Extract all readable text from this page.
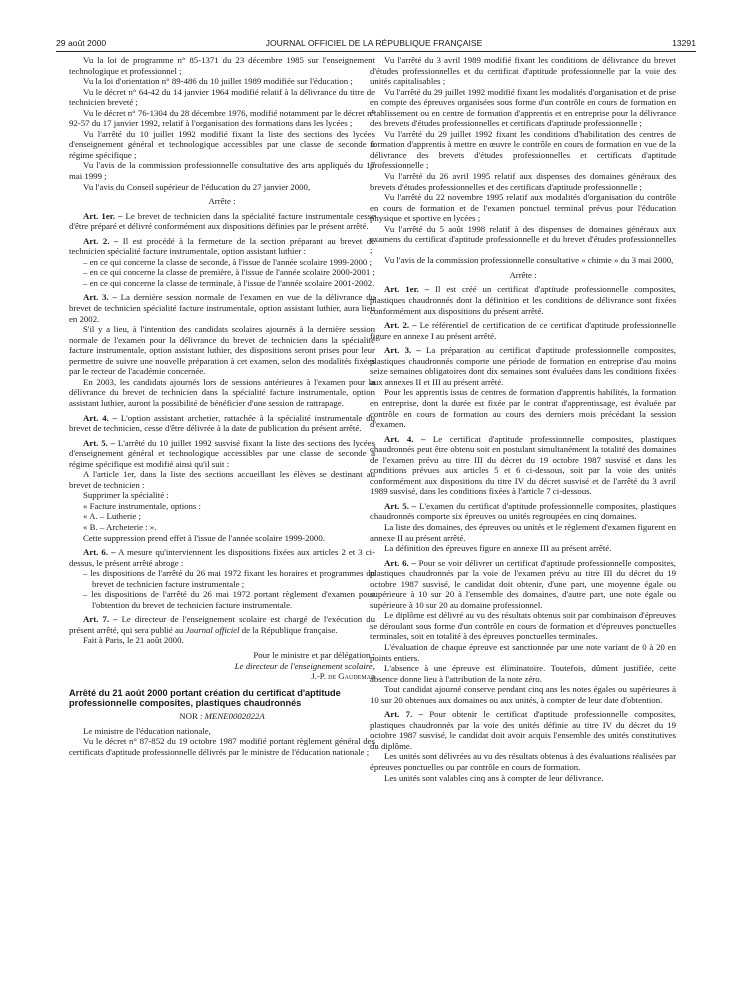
29 août 2000	JOURNAL OFFICIEL DE LA RÉPUBLIQUE FRANÇAISE	13291

Vu la loi de programme n° 85-1371 du 23 décembre 1985 sur l'enseignement technologique et professionnel ;

Vu la loi d'orientation n° 89-486 du 10 juillet 1989 modifiée sur l'éducation ;

Vu le décret n° 64-42 du 14 janvier 1964 modifié relatif à la délivrance du titre de technicien breveté ;

Vu le décret n° 76-1304 du 28 décembre 1976, modifié notamment par le décret n° 92-57 du 17 janvier 1992, relatif à l'organisation des formations dans les lycées ;

Vu l'arrêté du 10 juillet 1992 modifié fixant la liste des sections des lycées d'enseignement général et technologique accessibles par une classe de seconde à régime spécifique ;

Vu l'avis de la commission professionnelle consultative des arts appliqués du 17 mai 1999 ;

Vu l'avis du Conseil supérieur de l'éducation du 27 janvier 2000,

Arrête :

Art. 1er. – Le brevet de technicien dans la spécialité facture instrumentale cesse d'être préparé et délivré conformément aux dispositions définies par le présent arrêté.

Art. 2. – Il est procédé à la fermeture de la section préparant au brevet de technicien spécialité facture instrumentale, option assistant luthier :

– en ce qui concerne la classe de seconde, à l'issue de l'année scolaire 1999-2000 ;

– en ce qui concerne la classe de première, à l'issue de l'année scolaire 2000-2001 ;

– en ce qui concerne la classe de terminale, à l'issue de l'année scolaire 2001-2002.

Art. 3. – La dernière session normale de l'examen en vue de la délivrance du brevet de technicien spécialité facture instrumentale, option assistant luthier, aura lieu en 2002.

S'il y a lieu, à l'intention des candidats scolaires ajournés à la dernière session normale de l'examen pour la délivrance du brevet de technicien dans la spécialité facture instrumentale, option assistant luthier, des dispositions seront prises pour leur permettre de suivre une nouvelle préparation à cet examen, selon des modalités fixées par le recteur de l'académie concernée.

En 2003, les candidats ajournés lors de sessions antérieures à l'examen pour la délivrance du brevet de technicien dans la spécialité facture instrumentale, option assistant luthier, auront la possibilité de bénéficier d'une session de rattrapage.

Art. 4. – L'option assistant archetier, rattachée à la spécialité instrumentale du brevet de technicien, cesse d'être délivrée à la date de publication du présent arrêté.

Art. 5. – L'arrêté du 10 juillet 1992 susvisé fixant la liste des sections des lycées d'enseignement général et technologique accessibles par une classe de seconde à régime spécifique est modifié ainsi qu'il suit :

A l'article 1er, dans la liste des sections accueillant les élèves se destinant au brevet de technicien :

Supprimer la spécialité :

« Facture instrumentale, options :

« A. – Lutherie ;

« B. – Archeterie : ».

Cette suppression prend effet à l'issue de l'année scolaire 1999-2000.

Art. 6. – A mesure qu'interviennent les dispositions fixées aux articles 2 et 3 ci-dessus, le présent arrêté abroge :

– les dispositions de l'arrêté du 26 mai 1972 fixant les horaires et programmes du brevet de technicien facture instrumentale ;

– les dispositions de l'arrêté du 26 mai 1972 portant règlement d'examen pour l'obtention du brevet de technicien facture instrumentale.

Art. 7. – Le directeur de l'enseignement scolaire est chargé de l'exécution du présent arrêté, qui sera publié au Journal officiel de la République française.

Fait à Paris, le 21 août 2000.

Pour le ministre et par délégation :

Le directeur de l'enseignement scolaire,

J.-P. de Gaudemar

Arrêté du 21 août 2000 portant création du certificat d'aptitude professionnelle composites, plastiques chaudronnés

NOR : MENE0002022A

Le ministre de l'éducation nationale,

Vu le décret n° 87-852 du 19 octobre 1987 modifié portant règlement général des certificats d'aptitude professionnelle délivrés par le ministre de l'éducation nationale ;

Vu l'arrêté du 3 avril 1989 modifié fixant les conditions de délivrance du brevet d'études professionnelles et du certificat d'aptitude professionnelle par la voie des unités capitalisables ;

Vu l'arrêté du 29 juillet 1992 modifié fixant les modalités d'organisation et de prise en compte des épreuves organisées sous forme d'un contrôle en cours de formation en établissement ou en centre de formation d'apprentis et en entreprise pour la délivrance des brevets d'études professionnelles et certificats d'aptitude professionnelle ;

Vu l'arrêté du 29 juillet 1992 fixant les conditions d'habilitation des centres de formation d'apprentis à mettre en œuvre le contrôle en cours de formation en vue de la délivrance des brevets d'études professionnelles et certificats d'aptitude professionnelle ;

Vu l'arrêté du 26 avril 1995 relatif aux dispenses des domaines généraux des brevets d'études professionnelles et des certificats d'aptitude professionnelle ;

Vu l'arrêté du 22 novembre 1995 relatif aux modalités d'organisation du contrôle en cours de formation et de l'examen ponctuel terminal prévus pour l'éducation physique et sportive en lycées ;

Vu l'arrêté du 5 août 1998 relatif à des dispenses de domaines généraux aux examens du certificat d'aptitude professionnelle et du brevet d'études professionnelles ;

Vu l'avis de la commission professionnelle consultative « chimie » du 3 mai 2000,

Arrête :

Art. 1er. – Il est créé un certificat d'aptitude professionnelle composites, plastiques chaudronnés dont la définition et les conditions de délivrance sont fixées conformément aux dispositions du présent arrêté.

Art. 2. – Le référentiel de certification de ce certificat d'aptitude professionnelle figure en annexe I au présent arrêté.

Art. 3. – La préparation au certificat d'aptitude professionnelle composites, plastiques chaudronnés comporte une période de formation en entreprise d'au moins seize semaines obligatoires dont dix semaines sont évaluées dans les conditions fixées aux annexes II et III au présent arrêté.

Pour les apprentis issus de centres de formation d'apprentis habilités, la formation en entreprise, dont la durée est fixée par le contrat d'apprentissage, est évaluée par contrôle en cours de formation au cours des derniers mois précédant la session d'examen.

Art. 4. – Le certificat d'aptitude professionnelle composites, plastiques chaudronnés peut être obtenu soit en postulant simultanément la totalité des domaines de l'examen prévu au titre III du décret du 19 octobre 1987 susvisé et dans les conditions prévues aux articles 5 et 6 ci-dessous, soit par la voie des unités conformément aux dispositions du titre IV du décret susvisé et de l'arrêté du 3 avril 1989 susvisé, dans les conditions fixées à l'article 7 ci-dessous.

Art. 5. – L'examen du certificat d'aptitude professionnelle composites, plastiques chaudronnés comporte six épreuves ou unités regroupées en cinq domaines.

La liste des domaines, des épreuves ou unités et le règlement d'examen figurent en annexe II au présent arrêté.

La définition des épreuves figure en annexe III au présent arrêté.

Art. 6. – Pour se voir délivrer un certificat d'aptitude professionnelle composites, plastiques chaudronnés par la voie de l'examen prévu au titre III du décret du 19 octobre 1987 susvisé, le candidat doit obtenir, d'une part, une moyenne égale ou supérieure à 10 sur 20 à l'ensemble des domaines, d'autre part, une note égale ou supérieure à 10 sur 20 au domaine professionnel.

Le diplôme est délivré au vu des résultats obtenus soit par combinaison d'épreuves se déroulant sous forme d'un contrôle en cours de formation et d'épreuves ponctuelles terminales, soit en totalité à des épreuves ponctuelles terminales.

L'évaluation de chaque épreuve est sanctionnée par une note variant de 0 à 20 en points entiers.

L'absence à une épreuve est éliminatoire. Toutefois, dûment justifiée, cette absence donne lieu à l'attribution de la note zéro.

Tout candidat ajourné conserve pendant cinq ans les notes égales ou supérieures à 10 sur 20 obtenues aux domaines ou aux unités, à compter de leur date d'obtention.

Art. 7. – Pour obtenir le certificat d'aptitude professionnelle composites, plastiques chaudronnés par la voie des unités définie au titre IV du décret du 19 octobre 1987 susvisé, le candidat doit avoir acquis l'ensemble des unités constitutives du diplôme.

Les unités sont délivrées au vu des résultats obtenus à des évaluations réalisées par épreuves ponctuelles ou par contrôle en cours de formation.

Les unités sont valables cinq ans à compter de leur délivrance.
